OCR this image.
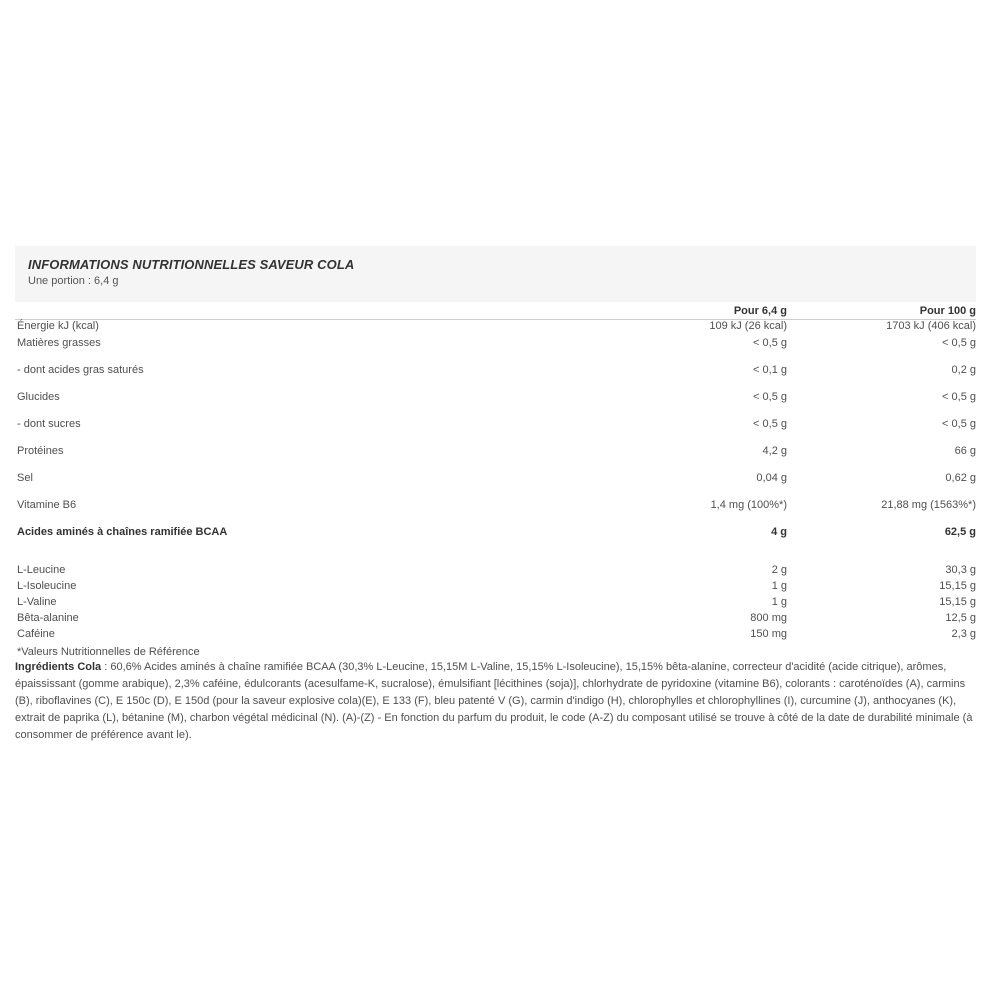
INFORMATIONS NUTRITIONNELLES SAVEUR COLA
Une portion : 6,4 g
	Pour 6,4 g	Pour 100 g
Énergie kJ (kcal)	109 kJ (26 kcal)	1703 kJ (406 kcal)
Matières grasses	< 0,5 g	< 0,5 g
- dont acides gras saturés	< 0,1 g	0,2 g
Glucides	< 0,5 g	< 0,5 g
- dont sucres	< 0,5 g	< 0,5 g
Protéines	4,2 g	66 g
Sel	0,04 g	0,62 g
Vitamine B6	1,4 mg (100%*)	21,88 mg (1563%*)
Acides aminés à chaînes ramifiée BCAA	4 g	62,5 g
L-Leucine	2 g	30,3 g
L-Isoleucine	1 g	15,15 g
L-Valine	1 g	15,15 g
Bêta-alanine	800 mg	12,5 g
Caféine	150 mg	2,3 g
*Valeurs Nutritionnelles de Référence
Ingrédients Cola : 60,6% Acides aminés à chaîne ramifiée BCAA (30,3% L-Leucine, 15,15M L-Valine, 15,15% L-Isoleucine), 15,15% bêta-alanine, correcteur d'acidité (acide citrique), arômes, épaississant (gomme arabique), 2,3% caféine, édulcorants (acesulfame-K, sucralose), émulsifiant [lécithines (soja)], chlorhydrate de pyridoxine (vitamine B6), colorants : caroténoïdes (A), carmins (B), riboflavines (C), E 150c (D), E 150d (pour la saveur explosive cola)(E), E 133 (F), bleu patenté V (G), carmin d'indigo (H), chlorophylles et chlorophyllines (I), curcumine (J), anthocyanes (K), extrait de paprika (L), bétanine (M), charbon végétal médicinal (N). (A)-(Z) - En fonction du parfum du produit, le code (A-Z) du composant utilisé se trouve à côté de la date de durabilité minimale (à consommer de préférence avant le).
